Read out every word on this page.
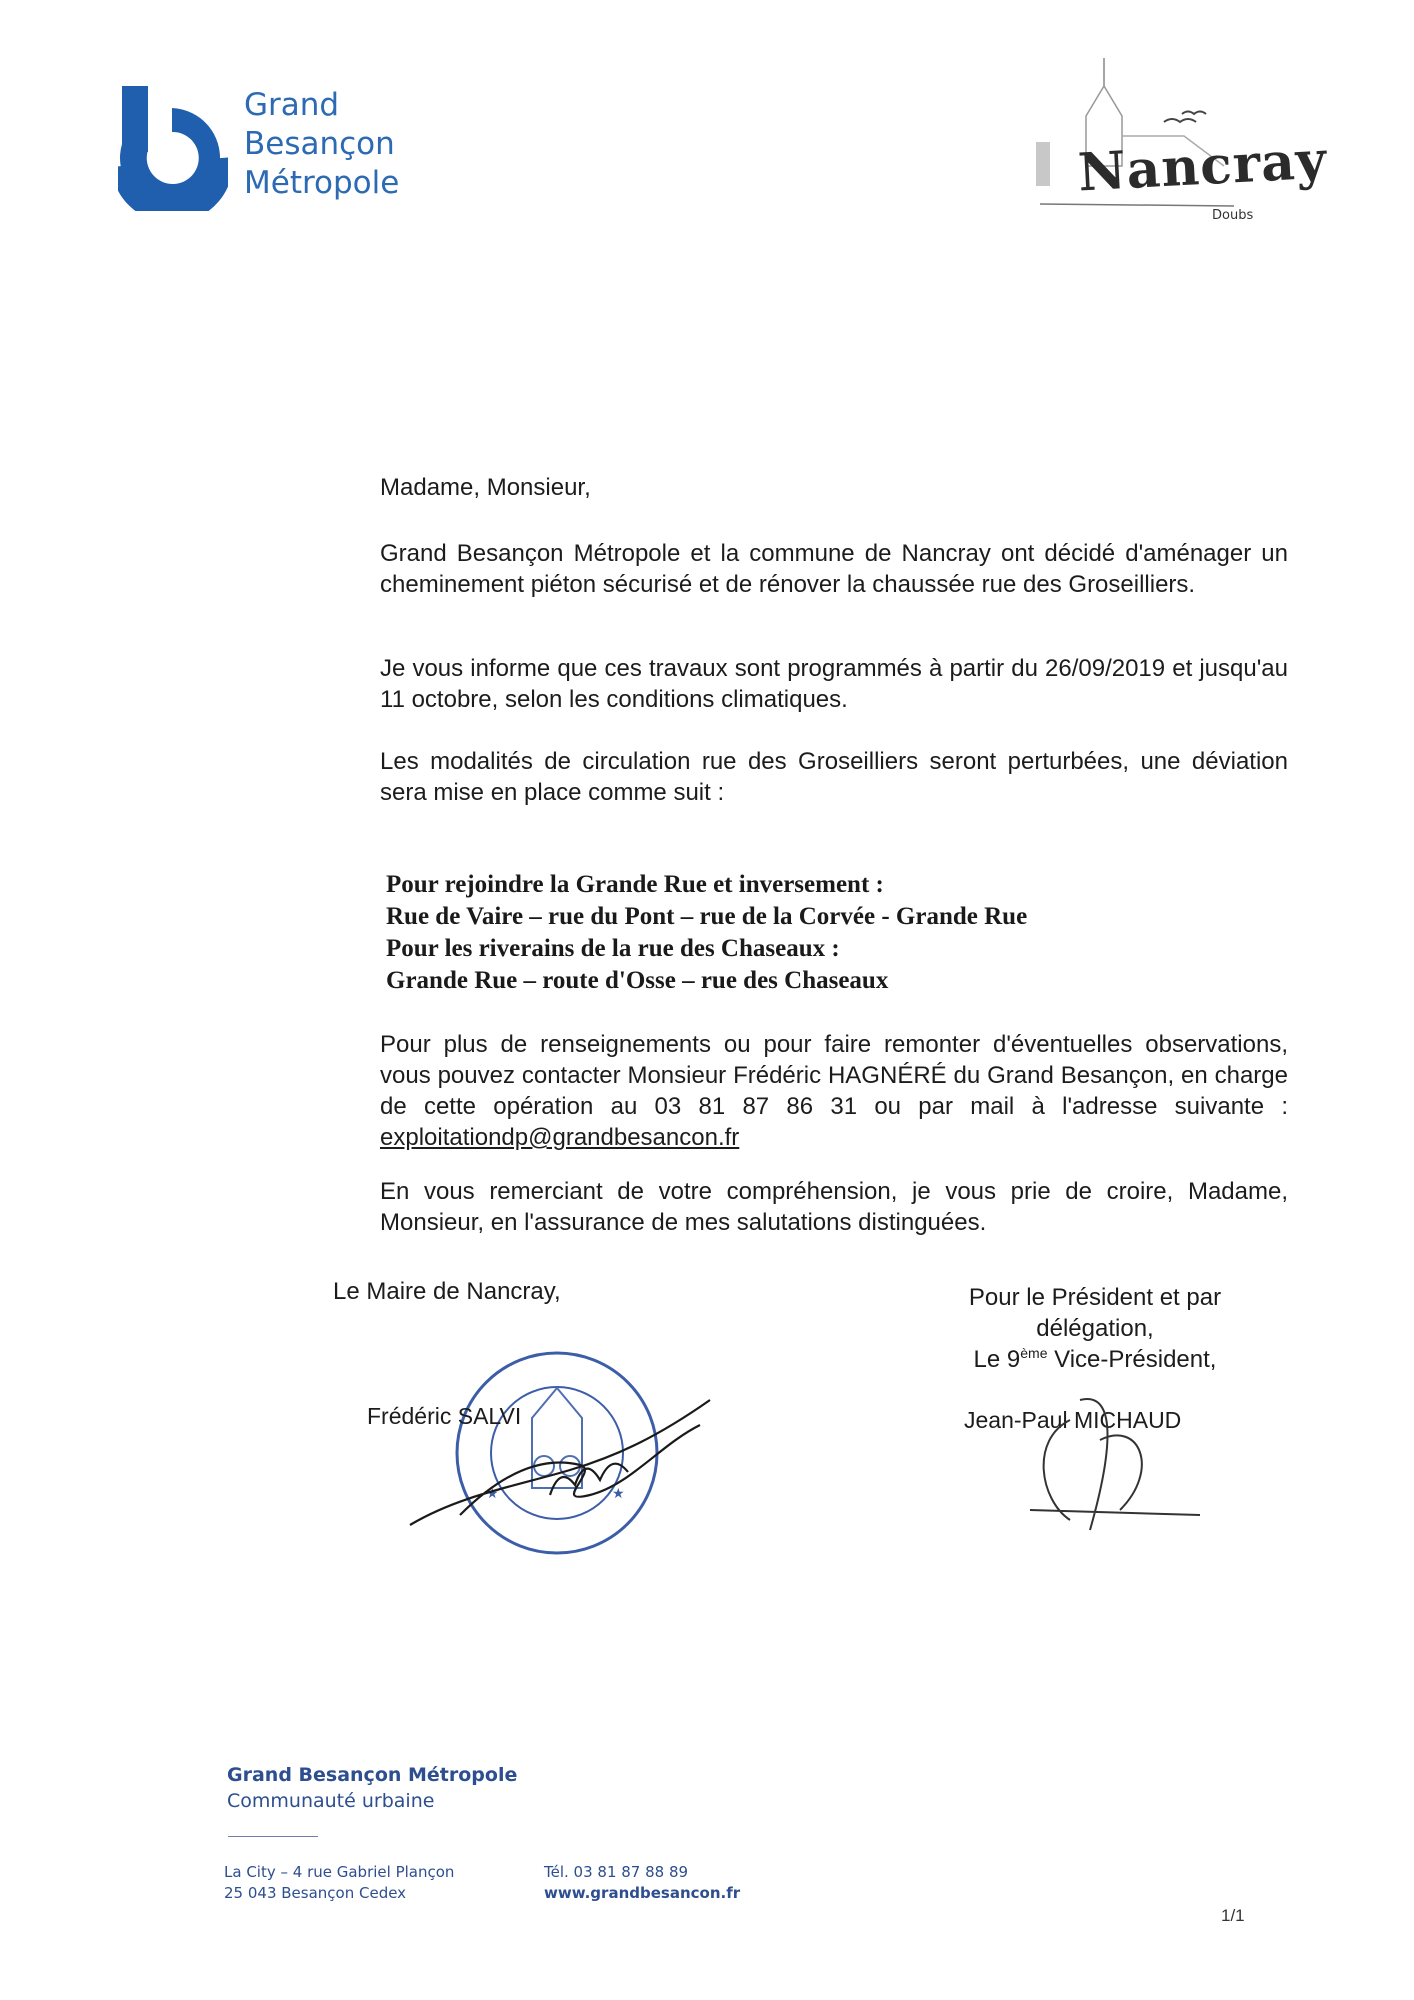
Grand
Besançon
Métropole	Nancray
Doubs
Madame, Monsieur,

Grand Besançon Métropole et la commune de Nancray ont décidé d'aménager un cheminement piéton sécurisé et de rénover la chaussée rue des Groseilliers.

Je vous informe que ces travaux sont programmés à partir du 26/09/2019 et jusqu'au 11 octobre, selon les conditions climatiques.

Les modalités de circulation rue des Groseilliers seront perturbées, une déviation sera mise en place comme suit :

Pour rejoindre la Grande Rue et inversement :
Rue de Vaire – rue du Pont – rue de la Corvée - Grande Rue
Pour les riverains de la rue des Chaseaux :
Grande Rue – route d'Osse – rue des Chaseaux

Pour plus de renseignements ou pour faire remonter d'éventuelles observations, vous pouvez contacter Monsieur Frédéric HAGNÉRÉ du Grand Besançon, en charge de cette opération au 03 81 87 86 31 ou par mail à l'adresse suivante : exploitationdp@grandbesancon.fr

En vous remerciant de votre compréhension, je vous prie de croire, Madame, Monsieur, en l'assurance de mes salutations distinguées.

Le Maire de Nancray,	Pour le Président et par
délégation,
Le 9ème Vice-Président,
★	★
Frédéric SALVI	Jean-Paul MICHAUD
Grand Besançon Métropole
Communauté urbaine
La City – 4 rue Gabriel Plançon
25 043 Besançon Cedex
Tél. 03 81 87 88 89
www.grandbesancon.fr
1/1
